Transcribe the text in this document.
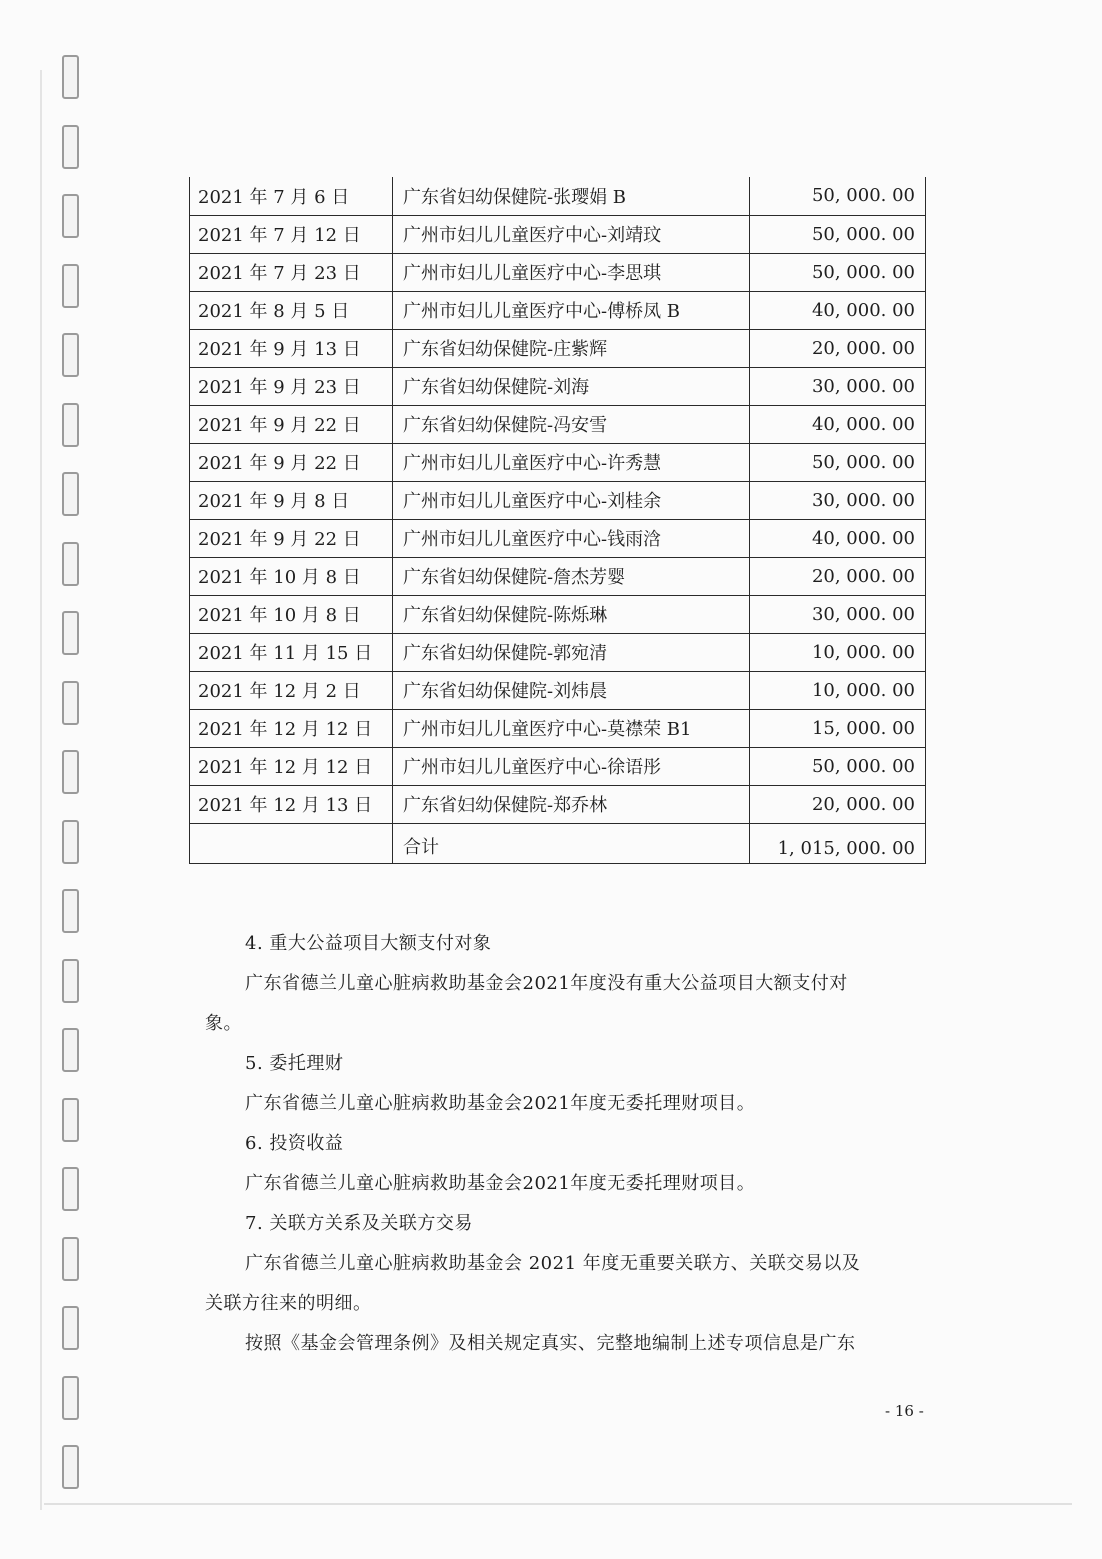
2021 年 7 月 6 日	广东省妇幼保健院-张璎娟 B	50, 000. 00
2021 年 7 月 12 日	广州市妇儿儿童医疗中心-刘靖玟	50, 000. 00
2021 年 7 月 23 日	广州市妇儿儿童医疗中心-李思琪	50, 000. 00
2021 年 8 月 5 日	广州市妇儿儿童医疗中心-傅桥凤 B	40, 000. 00
2021 年 9 月 13 日	广东省妇幼保健院-庄紫辉	20, 000. 00
2021 年 9 月 23 日	广东省妇幼保健院-刘海	30, 000. 00
2021 年 9 月 22 日	广东省妇幼保健院-冯安雪	40, 000. 00
2021 年 9 月 22 日	广州市妇儿儿童医疗中心-许秀慧	50, 000. 00
2021 年 9 月 8 日	广州市妇儿儿童医疗中心-刘桂余	30, 000. 00
2021 年 9 月 22 日	广州市妇儿儿童医疗中心-钱雨浛	40, 000. 00
2021 年 10 月 8 日	广东省妇幼保健院-詹杰芳婴	20, 000. 00
2021 年 10 月 8 日	广东省妇幼保健院-陈烁琳	30, 000. 00
2021 年 11 月 15 日	广东省妇幼保健院-郭宛清	10, 000. 00
2021 年 12 月 2 日	广东省妇幼保健院-刘炜晨	10, 000. 00
2021 年 12 月 12 日	广州市妇儿儿童医疗中心-莫襟荣 B1	15, 000. 00
2021 年 12 月 12 日	广州市妇儿儿童医疗中心-徐语彤	50, 000. 00
2021 年 12 月 13 日	广东省妇幼保健院-郑乔林	20, 000. 00
	合计	1, 015, 000. 00
4. 重大公益项目大额支付对象
广东省德兰儿童心脏病救助基金会2021年度没有重大公益项目大额支付对
象。
5. 委托理财
广东省德兰儿童心脏病救助基金会2021年度无委托理财项目。
6. 投资收益
广东省德兰儿童心脏病救助基金会2021年度无委托理财项目。
7. 关联方关系及关联方交易
广东省德兰儿童心脏病救助基金会 2021 年度无重要关联方、关联交易以及
关联方往来的明细。
按照《基金会管理条例》及相关规定真实、完整地编制上述专项信息是广东
- 16 -
